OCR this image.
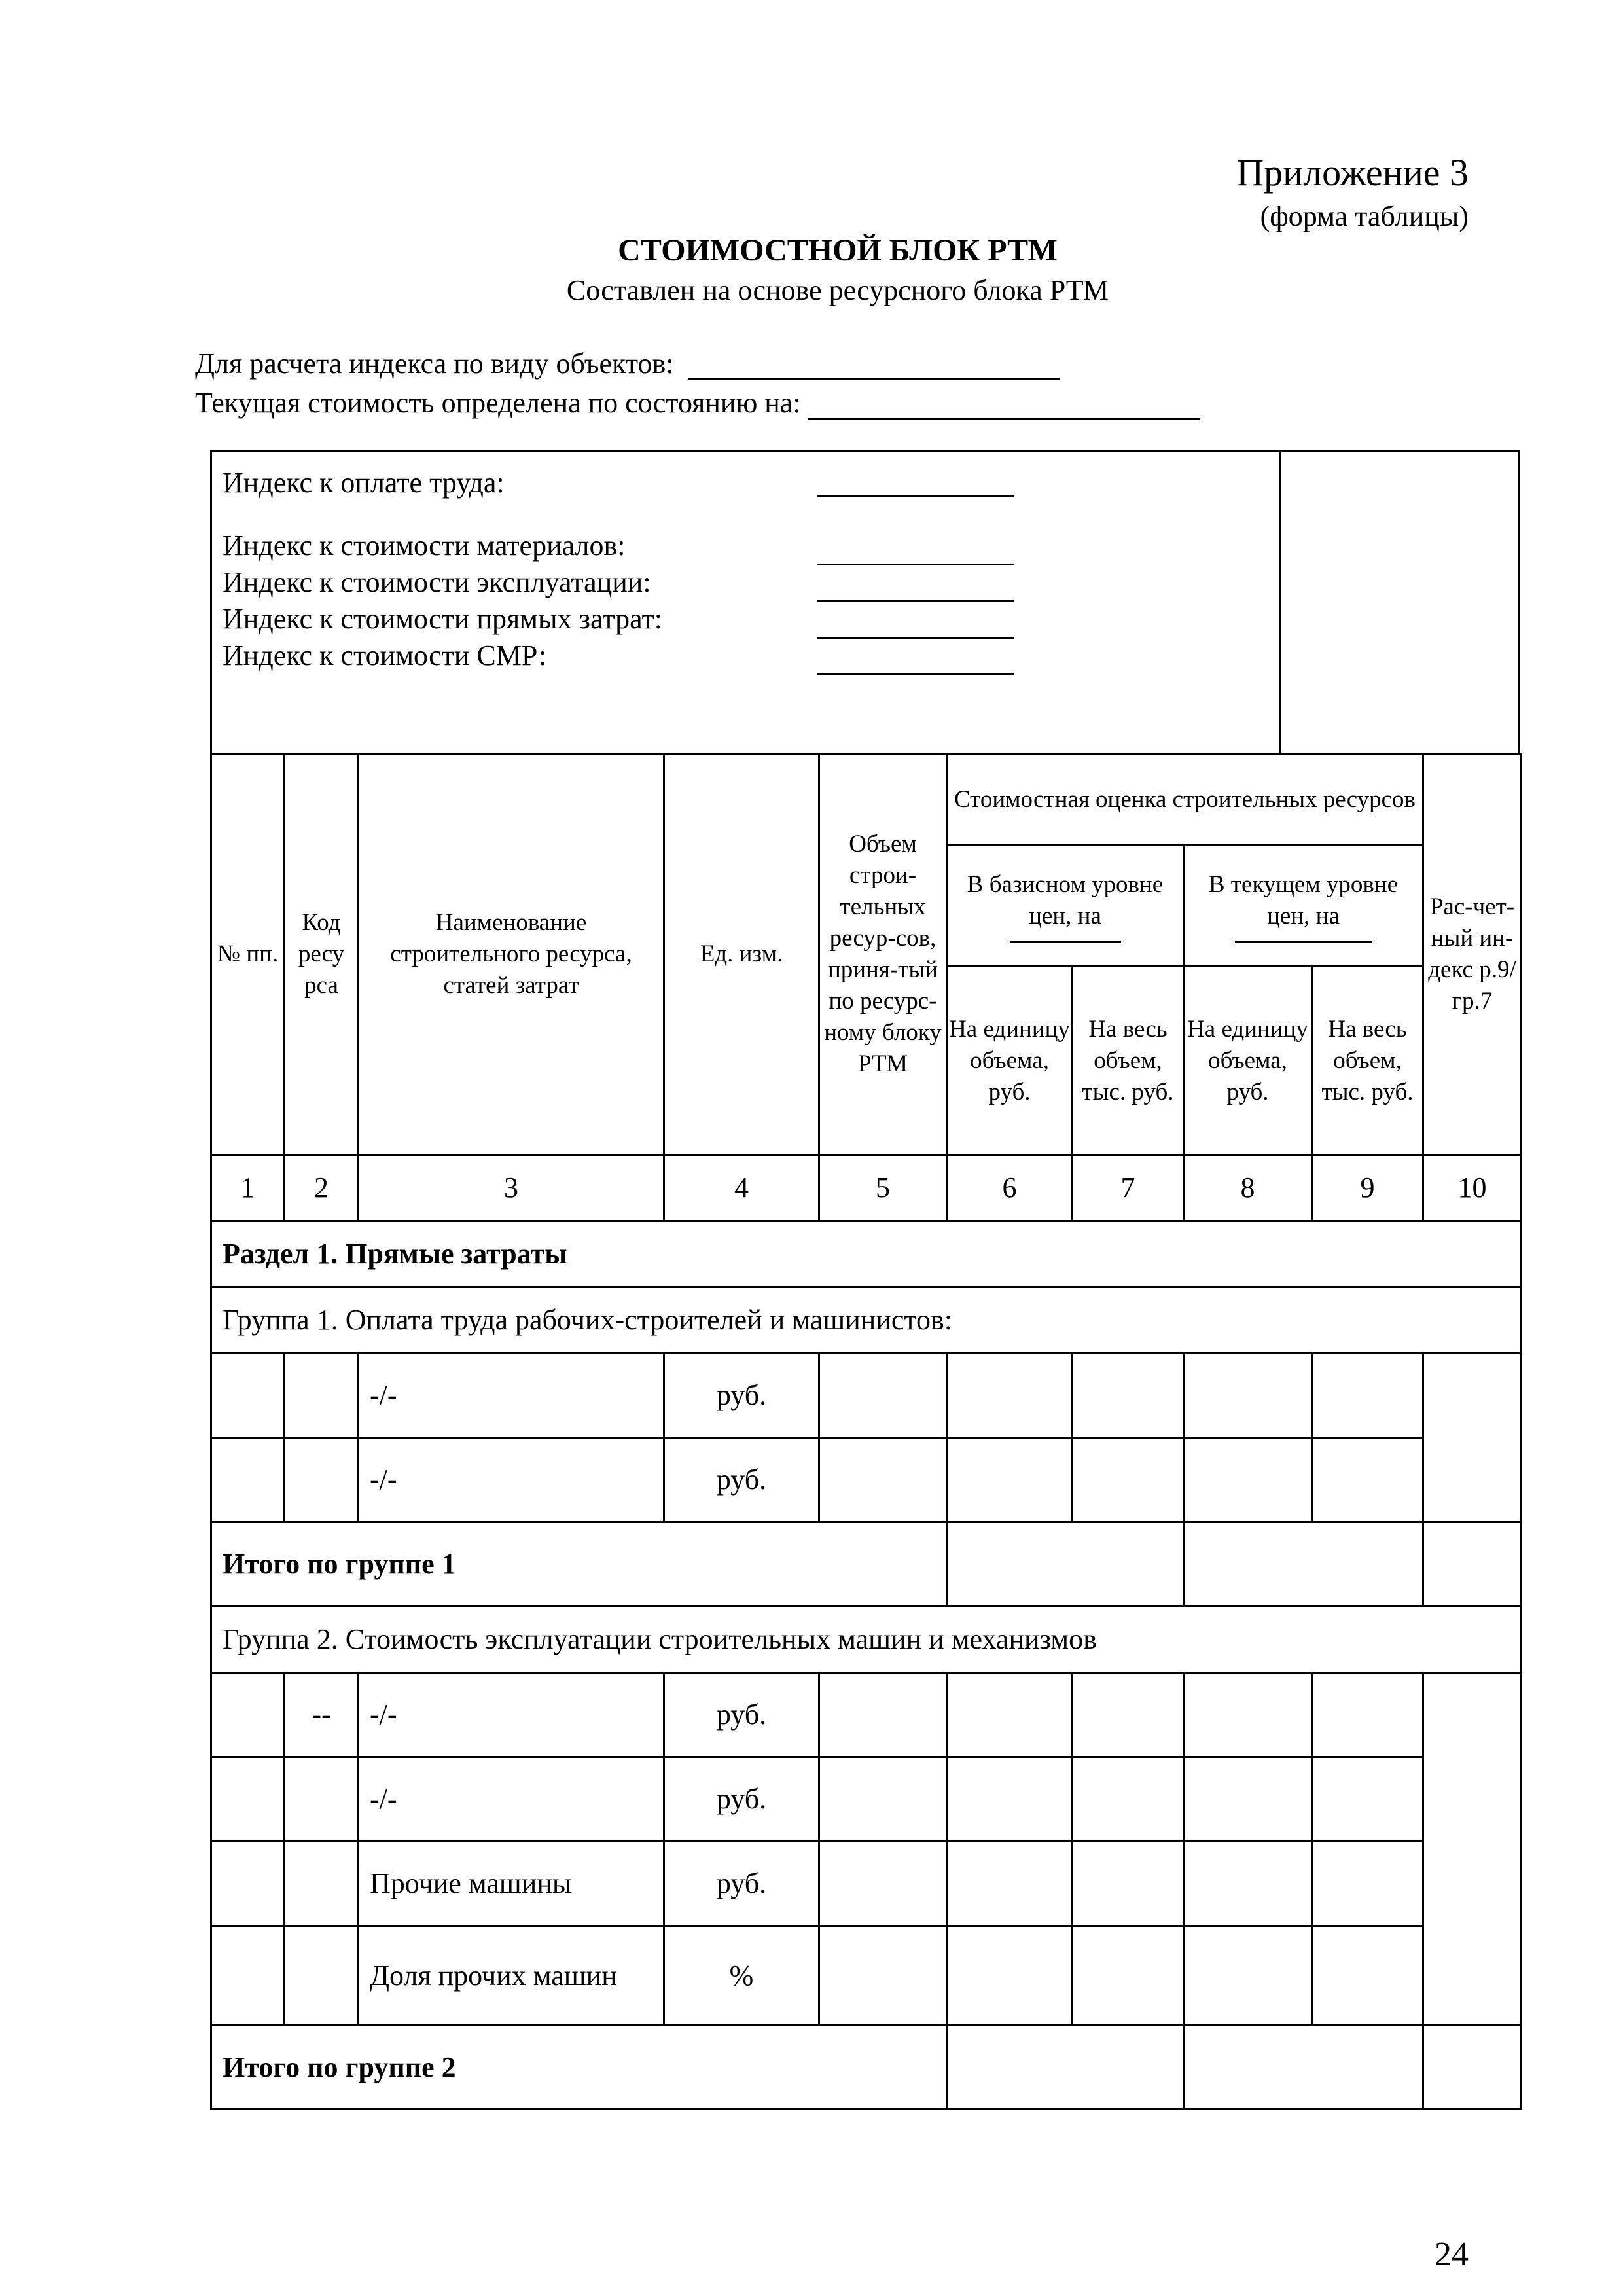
Приложение 3
(форма таблицы)
СТОИМОСТНОЙ БЛОК РТМ
Составлен на основе ресурсного блока РТМ
Для расчета индекса по виду объектов:
Текущая стоимость определена по состоянию на:
Индекс к оплате труда:
Индекс к стоимости материалов:
Индекс к стоимости эксплуатации:
Индекс к стоимости прямых затрат:
Индекс к стоимости СМР:
№ пп.	Код ресу рса	Наименование строительного ресурса, статей затрат	Ед. изм.	Объем строи-тельных ресур-сов, приня-тый по ресурс-ному блоку РТМ	Стоимостная оценка строительных ресурсов				Рас-чет-ный ин-декс р.9/гр.7

					В базисном уровне цен, на		В текущем уровне цен, на		

					На единицу объема, руб.	На весь объем, тыс. руб.	На единицу объема, руб.	На весь объем, тыс. руб.	
1	2	3	4	5	6	7	8	9	10
Раздел 1. Прямые затраты									
Группа 1. Оплата труда рабочих-строителей и машинистов:									
		-/-	руб.						
		-/-	руб.						
Итого по группе 1									
Группа 2. Стоимость эксплуатации строительных машин и механизмов									
	--	-/-	руб.						
		-/-	руб.						
		Прочие машины	руб.						
		Доля прочих машин	%						
Итого по группе 2									
24
